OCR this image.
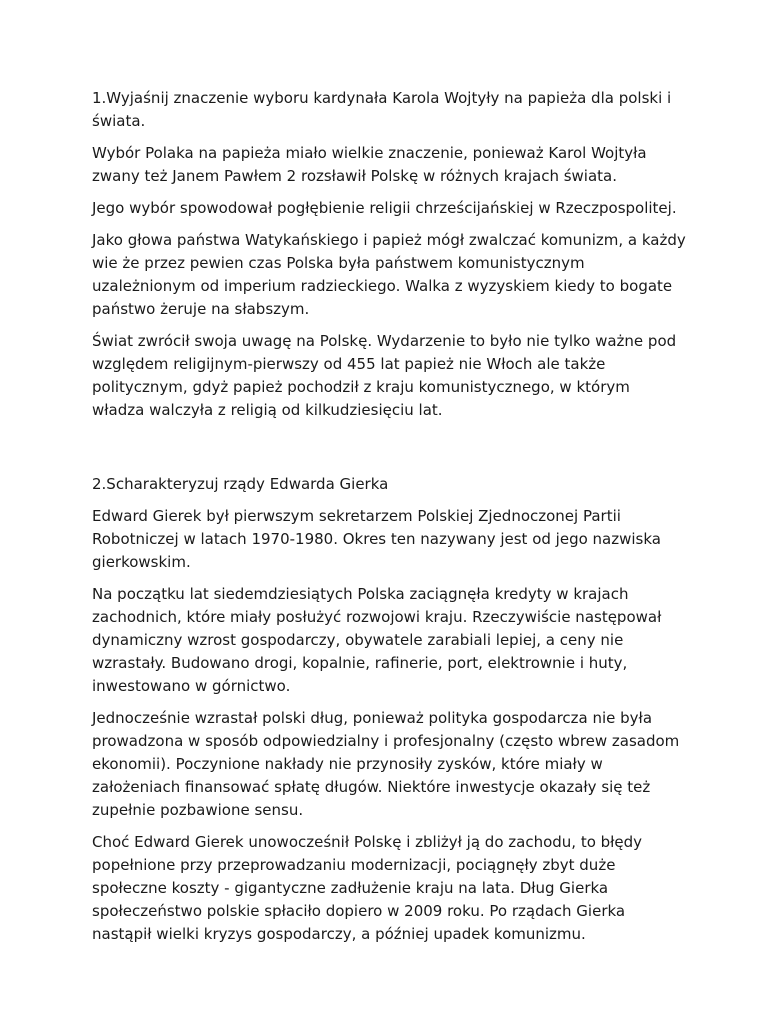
1.Wyjaśnij znaczenie wyboru kardynała Karola Wojtyły na papieża dla polski i świata.

Wybór Polaka na papieża miało wielkie znaczenie, ponieważ Karol Wojtyła zwany też Janem Pawłem 2 rozsławił Polskę w różnych krajach świata.

Jego wybór spowodował pogłębienie religii chrześcijańskiej w Rzeczpospolitej.

Jako głowa państwa Watykańskiego i papież mógł zwalczać komunizm, a każdy wie że przez pewien czas Polska była państwem komunistycznym uzależnionym od imperium radzieckiego. Walka z wyzyskiem kiedy to bogate państwo żeruje na słabszym.

Świat zwrócił swoja uwagę na Polskę. Wydarzenie to było nie tylko ważne pod względem religijnym-pierwszy od 455 lat papież nie Włoch ale także politycznym, gdyż papież pochodził z kraju komunistycznego, w którym władza walczyła z religią od kilkudziesięciu lat.

2.Scharakteryzuj rządy Edwarda Gierka

Edward Gierek był pierwszym sekretarzem Polskiej Zjednoczonej Partii Robotniczej w latach 1970-1980. Okres ten nazywany jest od jego nazwiska gierkowskim.

Na początku lat siedemdziesiątych Polska zaciągnęła kredyty w krajach zachodnich, które miały posłużyć rozwojowi kraju. Rzeczywiście następował dynamiczny wzrost gospodarczy, obywatele zarabiali lepiej, a ceny nie wzrastały. Budowano drogi, kopalnie, rafinerie, port, elektrownie i huty, inwestowano w górnictwo.

Jednocześnie wzrastał polski dług, ponieważ polityka gospodarcza nie była prowadzona w sposób odpowiedzialny i profesjonalny (często wbrew zasadom ekonomii). Poczynione nakłady nie przynosiły zysków, które miały w założeniach finansować spłatę długów. Niektóre inwestycje okazały się też zupełnie pozbawione sensu.

Choć Edward Gierek unowocześnił Polskę i zbliżył ją do zachodu, to błędy popełnione przy przeprowadzaniu modernizacji, pociągnęły zbyt duże społeczne koszty - gigantyczne zadłużenie kraju na lata. Dług Gierka społeczeństwo polskie spłaciło dopiero w 2009 roku. Po rządach Gierka nastąpił wielki kryzys gospodarczy, a później upadek komunizmu.
